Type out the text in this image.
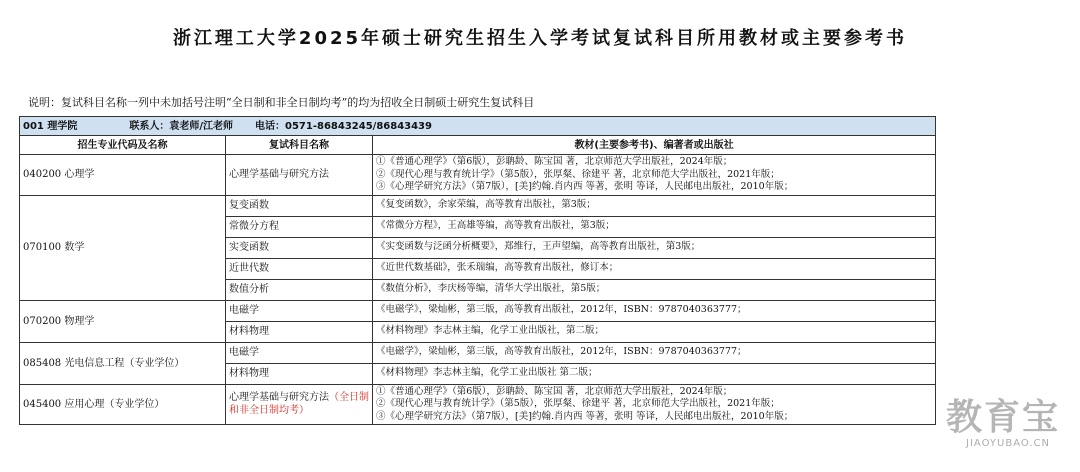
浙江理工大学2025年硕士研究生招生入学考试复试科目所用教材或主要参考书
说明：复试科目名称一列中未加括号注明“全日制和非全日制均考”的均为招收全日制硕士研究生复试科目
001 理学院 联系人：袁老师/江老师 电话：0571-86843245/86843439		
招生专业代码及名称	复试科目名称	教材(主要参考书)、编著者或出版社
040200 心理学	心理学基础与研究方法	①《普通心理学》（第6版），彭聃龄、陈宝国 著，北京师范大学出版社，2024年版；
②《现代心理与教育统计学》（第5版），张厚粲、徐建平 著，北京师范大学出版社，2021年版；
③《心理学研究方法》（第7版），[美]约翰.肖内西 等著，张明 等译，人民邮电出版社，2010年版；

070100 数学	复变函数	《复变函数》，余家荣编，高等教育出版社，第3版；

	常微分方程	《常微分方程》，王高雄等编，高等教育出版社，第3版；

	实变函数	《实变函数与泛函分析概要》，郑维行，王声望编，高等教育出版社，第3版；

	近世代数	《近世代数基础》，张禾瑞编，高等教育出版社，修订本；

	数值分析	《数值分析》，李庆杨等编，清华大学出版社，第5版；

070200 物理学	电磁学	《电磁学》，梁灿彬，第三版，高等教育出版社，2012年，ISBN：9787040363777；

	材料物理	《材料物理》李志林主编，化学工业出版社，第二版；

085408 光电信息工程（专业学位）	电磁学	《电磁学》，梁灿彬，第三版，高等教育出版社，2012年，ISBN：9787040363777；

	材料物理	《材料物理》李志林主编，化学工业出版社 第二版；

045400 应用心理（专业学位）	心理学基础与研究方法（全日制和非全日制均考）	①《普通心理学》（第6版），彭聃龄、陈宝国 著，北京师范大学出版社，2024年版；
②《现代心理与教育统计学》（第5版），张厚粲、徐建平 著，北京师范大学出版社，2021年版；
③《心理学研究方法》（第7版），[美]约翰.肖内西 等著，张明 等译，人民邮电出版社，2010年版；	教育宝
JIAOYUBAO.CN
